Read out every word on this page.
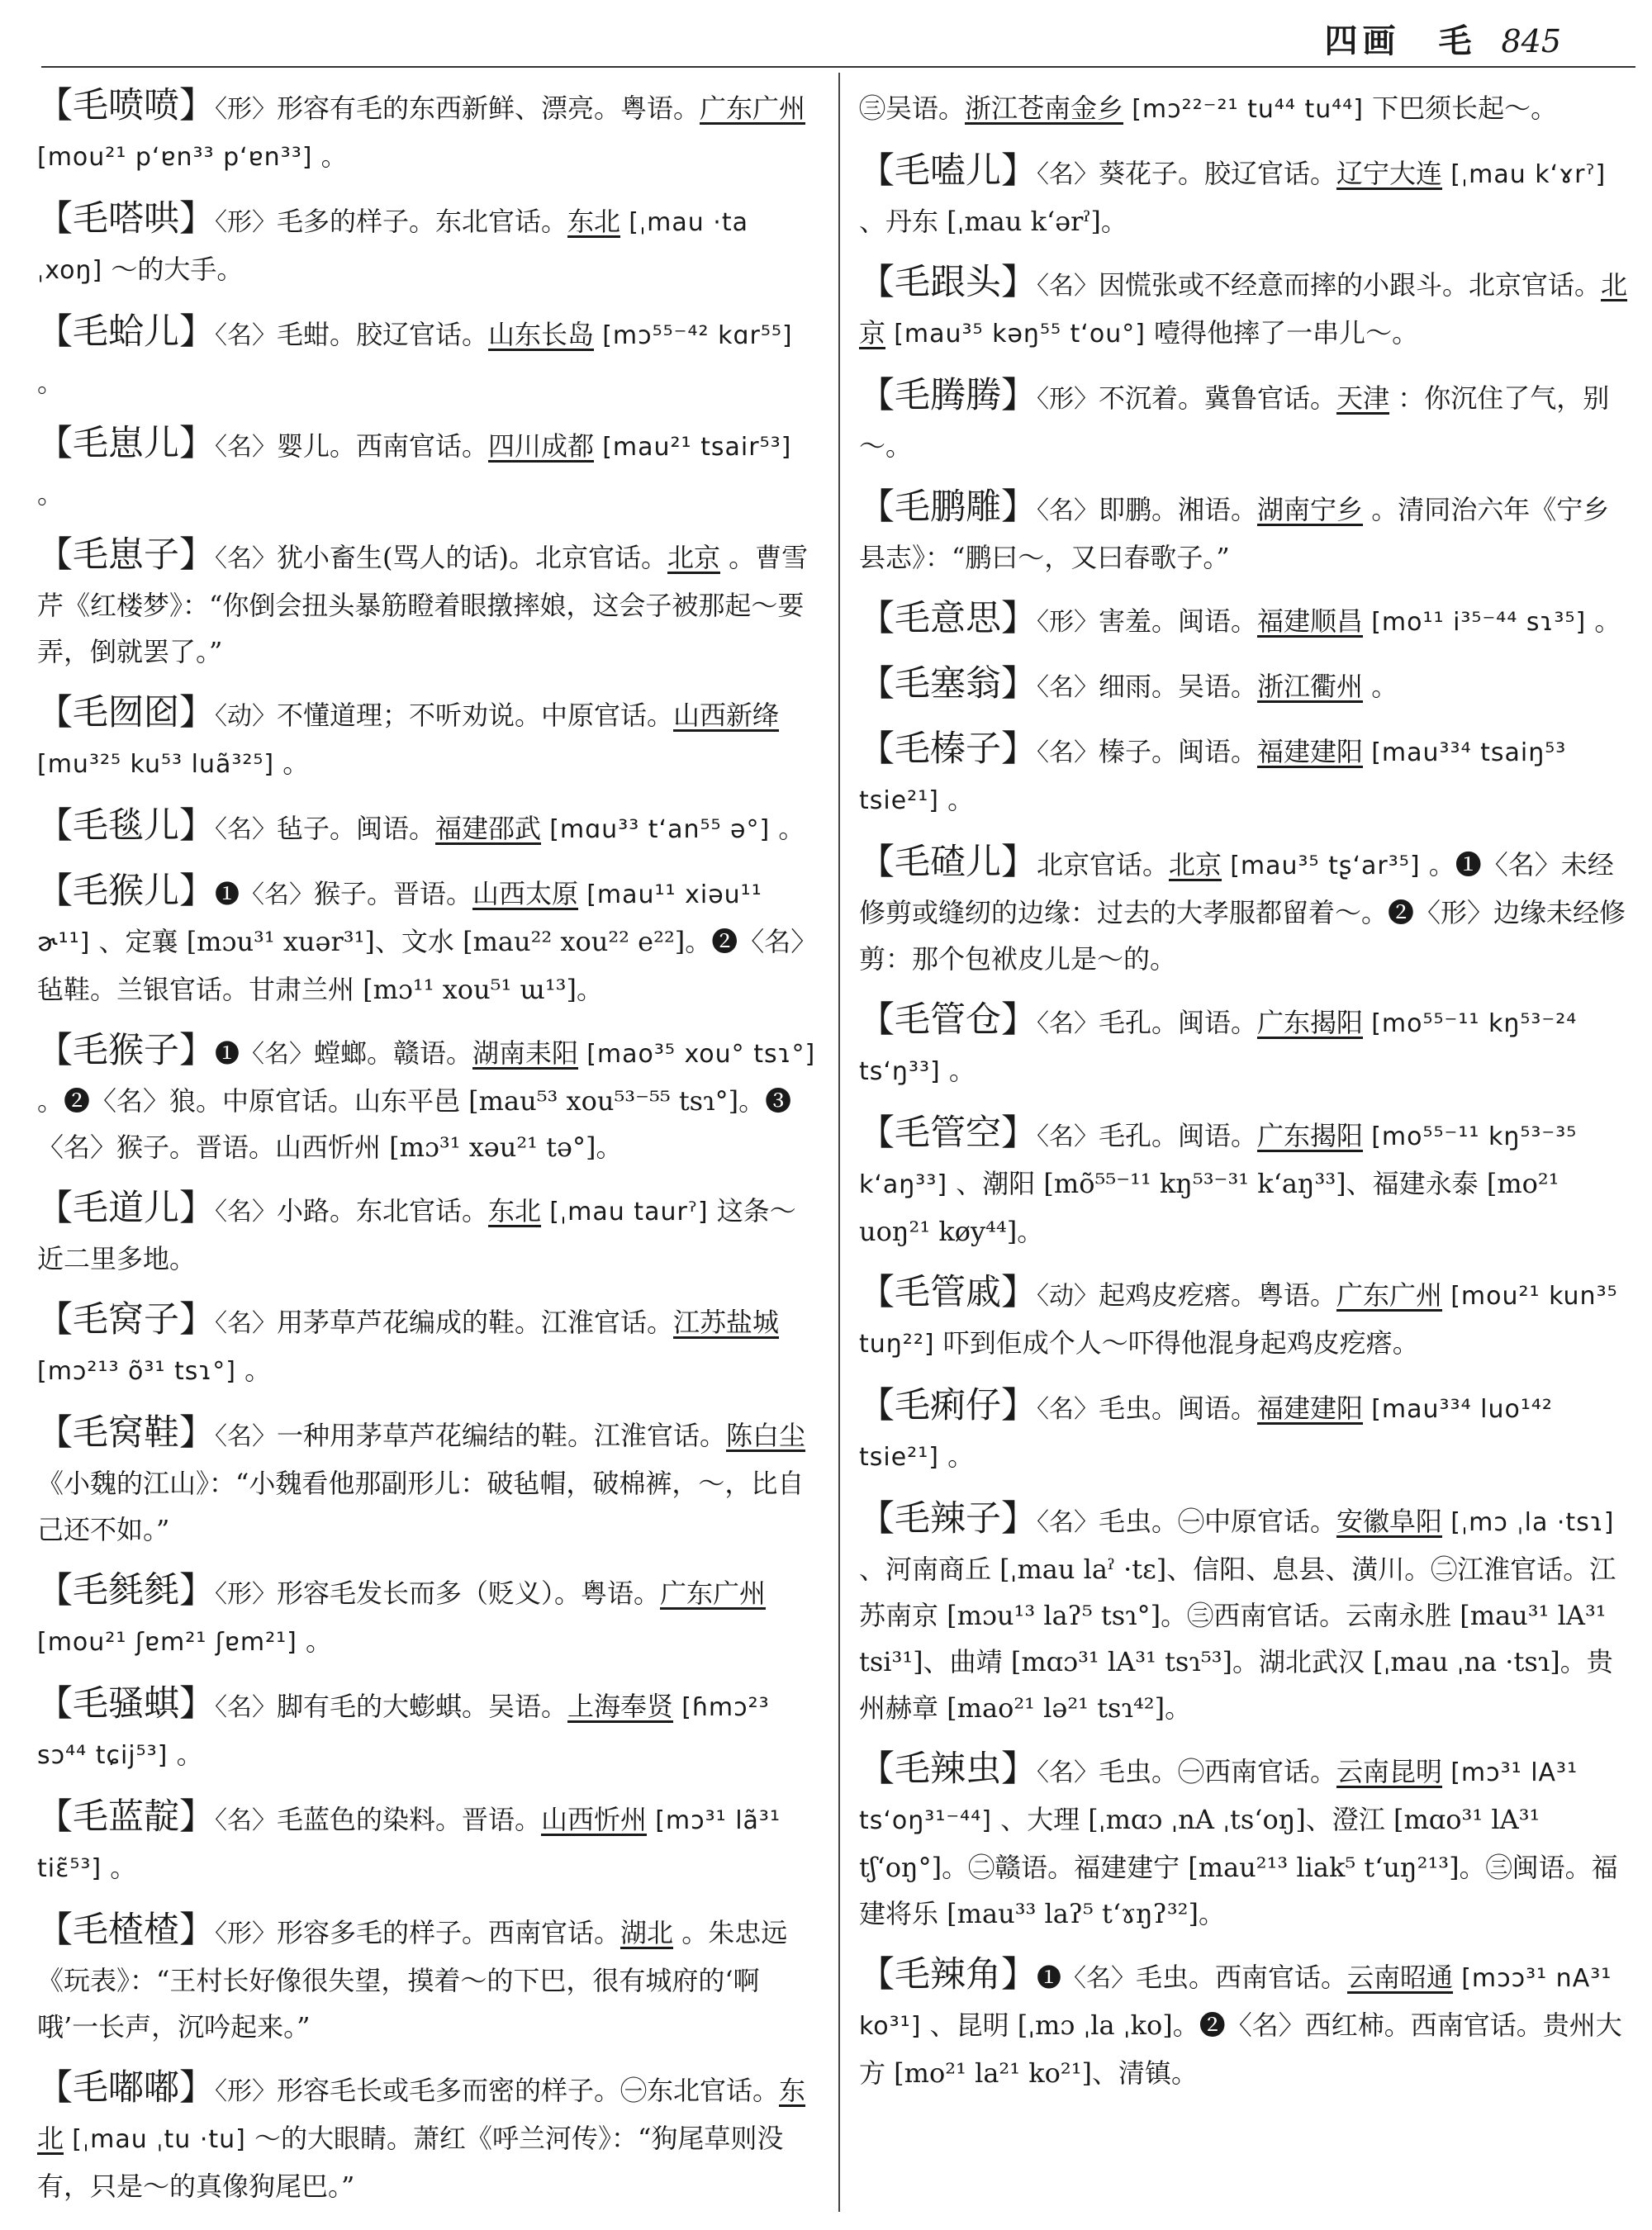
四画　毛 845
【毛喷喷】〈形〉形容有毛的东西新鲜、漂亮。粤语。广东广州 [mou²¹ p‘ɐn³³ p‘ɐn³³] 。
【毛嗒哄】〈形〉毛多的样子。东北官话。东北 [ˌmau ·ta ˌxoŋ] ～的大手。
【毛蛤儿】〈名〉毛蚶。胶辽官话。山东长岛 [mɔ⁵⁵⁻⁴² kɑr⁵⁵] 。
【毛崽儿】〈名〉婴儿。西南官话。四川成都 [mau²¹ tsair⁵³] 。
【毛崽子】〈名〉犹小畜生(骂人的话)。北京官话。北京 。曹雪芹《红楼梦》：“你倒会扭头暴筋瞪着眼撴摔娘，这会子被那起～要弄，倒就罢了。”
【毛囫囵】〈动〉不懂道理；不听劝说。中原官话。山西新绛 [mu³²⁵ ku⁵³ luã³²⁵] 。
【毛毯儿】〈名〉毡子。闽语。福建邵武 [mɑu³³ t‘an⁵⁵ ə°] 。
【毛猴儿】❶〈名〉猴子。晋语。山西太原 [mau¹¹ xiəu¹¹ ɚ¹¹] 、定襄 [mɔu³¹ xuər³¹]、文水 [mau²² xou²² e²²]。❷〈名〉 毡鞋。兰银官话。甘肃兰州 [mɔ¹¹ xou⁵¹ ɯ¹³]。
【毛猴子】❶〈名〉螳螂。赣语。湖南耒阳 [mao³⁵ xou° tsɿ°] 。❷〈名〉狼。中原官话。山东平邑 [mau⁵³ xou⁵³⁻⁵⁵ tsɿ°]。❸〈名〉猴子。晋语。山西忻州 [mɔ³¹ xəu²¹ tə°]。
【毛道儿】〈名〉小路。东北官话。东北 [ˌmau taurˀ] 这条～近二里多地。
【毛窝子】〈名〉用茅草芦花编成的鞋。江淮官话。江苏盐城 [mɔ²¹³ õ³¹ tsɿ°] 。
【毛窝鞋】〈名〉一种用茅草芦花编结的鞋。江淮官话。陈白尘 《小魏的江山》：“小魏看他那副形儿：破毡帽，破棉裤，～，比自己还不如。”
【毛毵毵】〈形〉形容毛发长而多（贬义）。粤语。广东广州 [mou²¹ ʃɐm²¹ ʃɐm²¹] 。
【毛骚蜞】〈名〉脚有毛的大蟛蜞。吴语。上海奉贤 [ɦmɔ²³ sɔ⁴⁴ tɕij⁵³] 。
【毛蓝靛】〈名〉毛蓝色的染料。晋语。山西忻州 [mɔ³¹ lã³¹ tiɛ̃⁵³] 。
【毛楂楂】〈形〉形容多毛的样子。西南官话。湖北 。朱忠远《玩表》：“王村长好像很失望，摸着～的下巴，很有城府的‘啊哦’一长声，沉吟起来。”
【毛嘟嘟】〈形〉形容毛长或毛多而密的样子。㊀东北官话。东北 [ˌmau ˌtu ·tu] ～的大眼睛。萧红《呼兰河传》：“狗尾草则没有，只是～的真像狗尾巴。”
㊂吴语。浙江苍南金乡 [mɔ²²⁻²¹ tu⁴⁴ tu⁴⁴] 下巴须长起～。
【毛嗑儿】〈名〉葵花子。胶辽官话。辽宁大连 [ˌmau k‘ɤrˀ] 、丹东 [ˌmau k‘ərˀ]。
【毛跟头】〈名〉因慌张或不经意而摔的小跟斗。北京官话。北京 [mau³⁵ kəŋ⁵⁵ t‘ou°] 噎得他摔了一串儿～。
【毛腾腾】〈形〉不沉着。冀鲁官话。天津 ：你沉住了气，别～。
【毛鹏雕】〈名〉即鹏。湘语。湖南宁乡 。清同治六年《宁乡县志》：“鹏曰～，又曰春歌子。”
【毛意思】〈形〉害羞。闽语。福建顺昌 [mo¹¹ i³⁵⁻⁴⁴ sɿ³⁵] 。
【毛塞翁】〈名〉细雨。吴语。浙江衢州 。
【毛榛子】〈名〉榛子。闽语。福建建阳 [mau³³⁴ tsaiŋ⁵³ tsie²¹] 。
【毛碴儿】北京官话。北京 [mau³⁵ tʂ‘ar³⁵] 。❶〈名〉未经修剪或缝纫的边缘：过去的大孝服都留着～。❷〈形〉边缘未经修剪：那个包袱皮儿是～的。
【毛管仓】〈名〉毛孔。闽语。广东揭阳 [mo⁵⁵⁻¹¹ kŋ⁵³⁻²⁴ ts‘ŋ³³] 。
【毛管空】〈名〉毛孔。闽语。广东揭阳 [mo⁵⁵⁻¹¹ kŋ⁵³⁻³⁵ k‘aŋ³³] 、潮阳 [mõ⁵⁵⁻¹¹ kŋ⁵³⁻³¹ k‘aŋ³³]、福建永泰 [mo²¹ uoŋ²¹ køy⁴⁴]。
【毛管戚】〈动〉起鸡皮疙瘩。粤语。广东广州 [mou²¹ kun³⁵ tuŋ²²] 吓到佢成个人～吓得他混身起鸡皮疙瘩。
【毛痢仔】〈名〉毛虫。闽语。福建建阳 [mau³³⁴ luo¹⁴² tsie²¹] 。
【毛辣子】〈名〉毛虫。㊀中原官话。安徽阜阳 [ˌmɔ ˌla ·tsɿ] 、河南商丘 [ˌmau laˀ ·tɛ]、信阳、息县、潢川。㊁江淮官话。江苏南京 [mɔu¹³ laʔ⁵ tsɿ°]。㊂西南官话。云南永胜 [mau³¹ lA³¹ tsi³¹]、曲靖 [mɑɔ³¹ lA³¹ tsɿ⁵³]。湖北武汉 [ˌmau ˌna ·tsɿ]。贵州赫章 [mao²¹ lə²¹ tsɿ⁴²]。
【毛辣虫】〈名〉毛虫。㊀西南官话。云南昆明 [mɔ³¹ lA³¹ ts‘oŋ³¹⁻⁴⁴] 、大理 [ˌmɑɔ ˌnA ˌts‘oŋ]、澄江 [mɑo³¹ lA³¹ tʃ‘oŋ°]。㊁赣语。福建建宁 [mau²¹³ liak⁵ t‘uŋ²¹³]。㊂闽语。福建将乐 [mau³³ laʔ⁵ t‘ɤŋʔ³²]。
【毛辣角】❶〈名〉毛虫。西南官话。云南昭通 [mɔɔ³¹ nA³¹ ko³¹] 、昆明 [ˌmɔ ˌla ˌko]。❷〈名〉西红柿。西南官话。贵州大方 [mo²¹ la²¹ ko²¹]、清镇。
